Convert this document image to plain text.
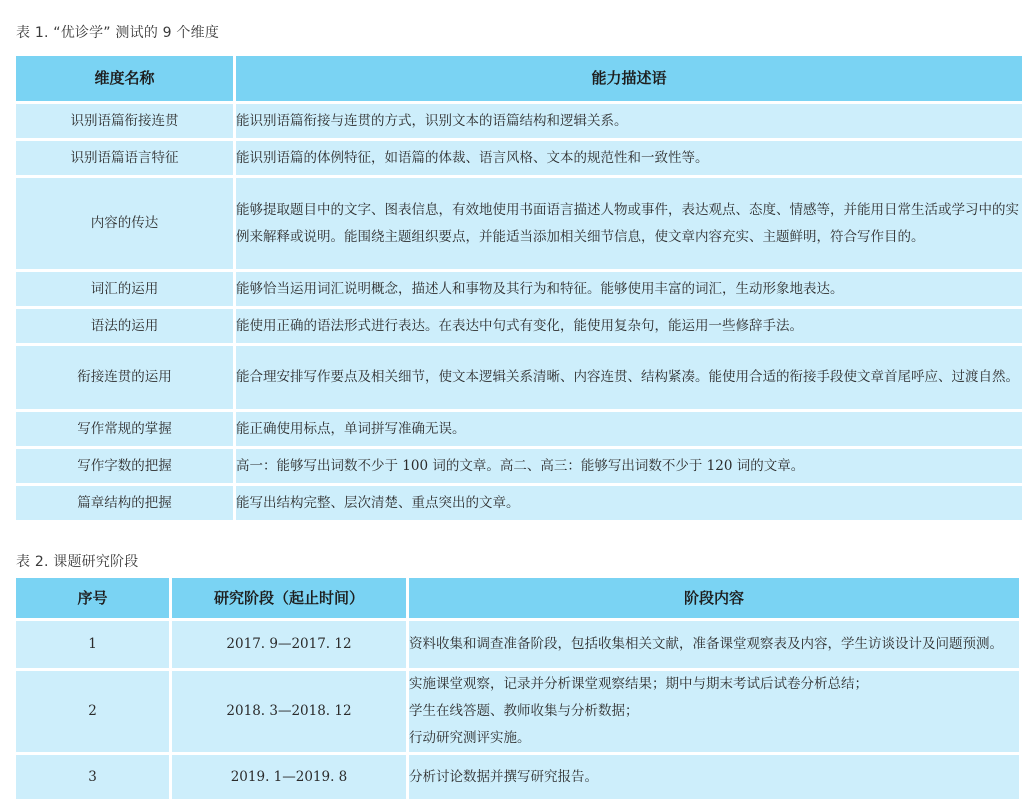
表 1. “优诊学” 测试的 9 个维度
维度名称	能力描述语
识别语篇衔接连贯	能识别语篇衔接与连贯的方式，识别文本的语篇结构和逻辑关系。
识别语篇语言特征	能识别语篇的体例特征，如语篇的体裁、语言风格、文本的规范性和一致性等。
内容的传达	能够提取题目中的文字、图表信息，有效地使用书面语言描述人物或事件，表达观点、态度、情感等，并能用日常生活或学习中的实例来解释或说明。能围绕主题组织要点，并能适当添加相关细节信息，使文章内容充实、主题鲜明，符合写作目的。
词汇的运用	能够恰当运用词汇说明概念，描述人和事物及其行为和特征。能够使用丰富的词汇，生动形象地表达。
语法的运用	能使用正确的语法形式进行表达。在表达中句式有变化，能使用复杂句，能运用一些修辞手法。
衔接连贯的运用	能合理安排写作要点及相关细节，使文本逻辑关系清晰、内容连贯、结构紧凑。能使用合适的衔接手段使文章首尾呼应、过渡自然。
写作常规的掌握	能正确使用标点，单词拼写准确无误。
写作字数的把握	高一：能够写出词数不少于 100 词的文章。高二、高三：能够写出词数不少于 120 词的文章。
篇章结构的把握	能写出结构完整、层次清楚、重点突出的文章。
表 2. 课题研究阶段
序号	研究阶段（起止时间）	阶段内容
1	2017. 9—2017. 12	资料收集和调查准备阶段，包括收集相关文献，准备课堂观察表及内容，学生访谈设计及问题预测。

2	2018. 3—2018. 12	实施课堂观察，记录并分析课堂观察结果；期中与期末考试后试卷分析总结；
学生在线答题、教师收集与分析数据；
行动研究测评实施。

3	2019. 1—2019. 8	分析讨论数据并撰写研究报告。
